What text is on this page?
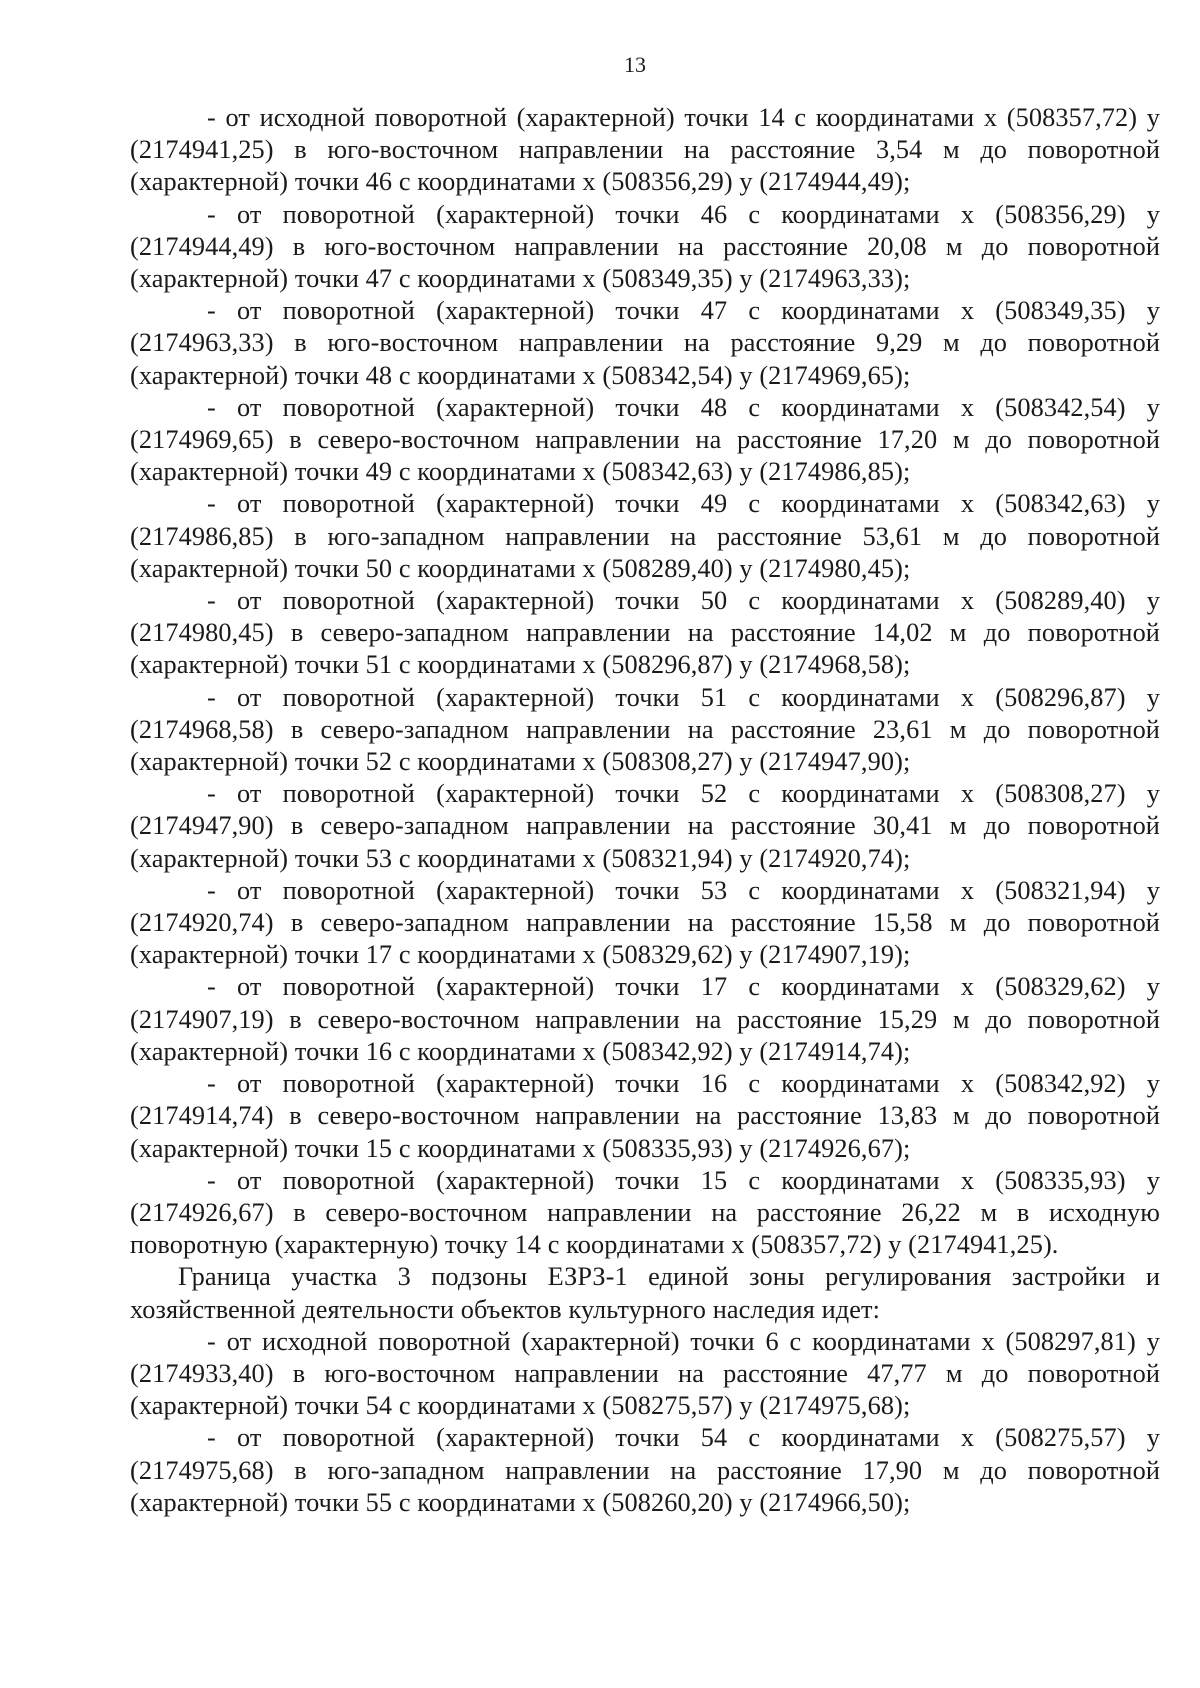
13

- от исходной поворотной (характерной) точки 14 с координатами x (508357,72) y (2174941,25) в юго-восточном направлении на расстояние 3,54 м до поворотной (характерной) точки 46 с координатами x (508356,29) y (2174944,49);

- от поворотной (характерной) точки 46 с координатами x (508356,29) y (2174944,49) в юго-восточном направлении на расстояние 20,08 м до поворотной (характерной) точки 47 с координатами x (508349,35) y (2174963,33);

- от поворотной (характерной) точки 47 с координатами x (508349,35) y (2174963,33) в юго-восточном направлении на расстояние 9,29 м до поворотной (характерной) точки 48 с координатами x (508342,54) y (2174969,65);

- от поворотной (характерной) точки 48 с координатами x (508342,54) y (2174969,65) в северо-восточном направлении на расстояние 17,20 м до поворотной (характерной) точки 49 с координатами x (508342,63) y (2174986,85);

- от поворотной (характерной) точки 49 с координатами x (508342,63) y (2174986,85) в юго-западном направлении на расстояние 53,61 м до поворотной (характерной) точки 50 с координатами x (508289,40) y (2174980,45);

- от поворотной (характерной) точки 50 с координатами x (508289,40) y (2174980,45) в северо-западном направлении на расстояние 14,02 м до поворотной (характерной) точки 51 с координатами x (508296,87) y (2174968,58);

- от поворотной (характерной) точки 51 с координатами x (508296,87) y (2174968,58) в северо-западном направлении на расстояние 23,61 м до поворотной (характерной) точки 52 с координатами x (508308,27) y (2174947,90);

- от поворотной (характерной) точки 52 с координатами x (508308,27) y (2174947,90) в северо-западном направлении на расстояние 30,41 м до поворотной (характерной) точки 53 с координатами x (508321,94) y (2174920,74);

- от поворотной (характерной) точки 53 с координатами x (508321,94) y (2174920,74) в северо-западном направлении на расстояние 15,58 м до поворотной (характерной) точки 17 с координатами x (508329,62) y (2174907,19);

- от поворотной (характерной) точки 17 с координатами x (508329,62) y (2174907,19) в северо-восточном направлении на расстояние 15,29 м до поворотной (характерной) точки 16 с координатами x (508342,92) y (2174914,74);

- от поворотной (характерной) точки 16 с координатами x (508342,92) y (2174914,74) в северо-восточном направлении на расстояние 13,83 м до поворотной (характерной) точки 15 с координатами x (508335,93) y (2174926,67);

- от поворотной (характерной) точки 15 с координатами x (508335,93) y (2174926,67) в северо-восточном направлении на расстояние 26,22 м в исходную поворотную (характерную) точку 14 с координатами x (508357,72) y (2174941,25).

Граница участка 3 подзоны ЕЗРЗ-1 единой зоны регулирования застройки и хозяйственной деятельности объектов культурного наследия идет:

- от исходной поворотной (характерной) точки 6 с координатами x (508297,81) y (2174933,40) в юго-восточном направлении на расстояние 47,77 м до поворотной (характерной) точки 54 с координатами x (508275,57) y (2174975,68);

- от поворотной (характерной) точки 54 с координатами x (508275,57) y (2174975,68) в юго-западном направлении на расстояние 17,90 м до поворотной (характерной) точки 55 с координатами x (508260,20) y (2174966,50);
